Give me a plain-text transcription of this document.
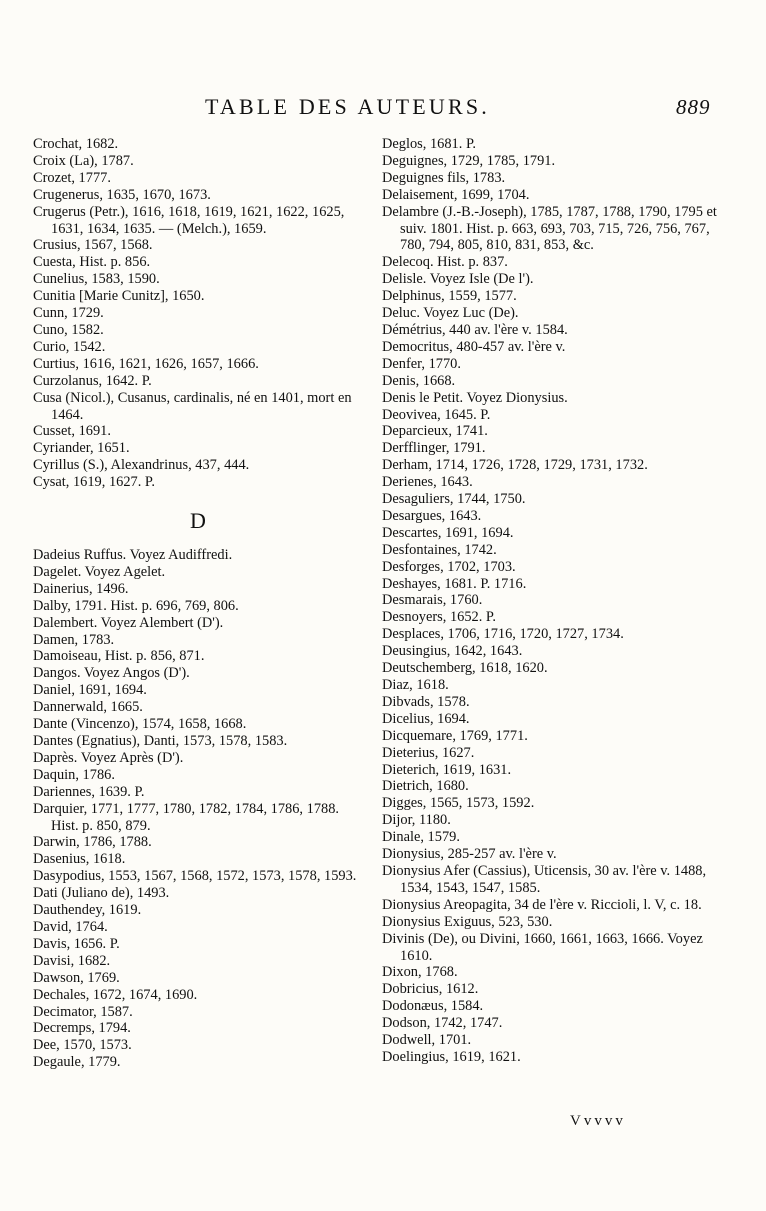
TABLE DES AUTEURS.	889
Crochat, 1682.
Croix (La), 1787.
Crozet, 1777.
Crugenerus, 1635, 1670, 1673.
Crugerus (Petr.), 1616, 1618, 1619, 1621, 1622, 1625, 1631, 1634, 1635. — (Melch.), 1659.
Crusius, 1567, 1568.
Cuesta, Hist. p. 856.
Cunelius, 1583, 1590.
Cunitia [Marie Cunitz], 1650.
Cunn, 1729.
Cuno, 1582.
Curio, 1542.
Curtius, 1616, 1621, 1626, 1657, 1666.
Curzolanus, 1642. P.
Cusa (Nicol.), Cusanus, cardinalis, né en 1401, mort en 1464.
Cusset, 1691.
Cyriander, 1651.
Cyrillus (S.), Alexandrinus, 437, 444.
Cysat, 1619, 1627. P.
D
Dadeius Ruffus. Voyez Audiffredi.
Dagelet. Voyez Agelet.
Dainerius, 1496.
Dalby, 1791. Hist. p. 696, 769, 806.
Dalembert. Voyez Alembert (D').
Damen, 1783.
Damoiseau, Hist. p. 856, 871.
Dangos. Voyez Angos (D').
Daniel, 1691, 1694.
Dannerwald, 1665.
Dante (Vincenzo), 1574, 1658, 1668.
Dantes (Egnatius), Danti, 1573, 1578, 1583.
Daprès. Voyez Après (D').
Daquin, 1786.
Dariennes, 1639. P.
Darquier, 1771, 1777, 1780, 1782, 1784, 1786, 1788. Hist. p. 850, 879.
Darwin, 1786, 1788.
Dasenius, 1618.
Dasypodius, 1553, 1567, 1568, 1572, 1573, 1578, 1593.
Dati (Juliano de), 1493.
Dauthendey, 1619.
David, 1764.
Davis, 1656. P.
Davisi, 1682.
Dawson, 1769.
Dechales, 1672, 1674, 1690.
Decimator, 1587.
Decremps, 1794.
Dee, 1570, 1573.
Degaule, 1779.
Deglos, 1681. P.
Deguignes, 1729, 1785, 1791.
Deguignes fils, 1783.
Delaisement, 1699, 1704.
Delambre (J.-B.-Joseph), 1785, 1787, 1788, 1790, 1795 et suiv. 1801. Hist. p. 663, 693, 703, 715, 726, 756, 767, 780, 794, 805, 810, 831, 853, &c.
Delecoq. Hist. p. 837.
Delisle. Voyez Isle (De l').
Delphinus, 1559, 1577.
Deluc. Voyez Luc (De).
Démétrius, 440 av. l'ère v. 1584.
Democritus, 480-457 av. l'ère v.
Denfer, 1770.
Denis, 1668.
Denis le Petit. Voyez Dionysius.
Deovivea, 1645. P.
Deparcieux, 1741.
Derfflinger, 1791.
Derham, 1714, 1726, 1728, 1729, 1731, 1732.
Derienes, 1643.
Desaguliers, 1744, 1750.
Desargues, 1643.
Descartes, 1691, 1694.
Desfontaines, 1742.
Desforges, 1702, 1703.
Deshayes, 1681. P. 1716.
Desmarais, 1760.
Desnoyers, 1652. P.
Desplaces, 1706, 1716, 1720, 1727, 1734.
Deusingius, 1642, 1643.
Deutschemberg, 1618, 1620.
Diaz, 1618.
Dibvads, 1578.
Dicelius, 1694.
Dicquemare, 1769, 1771.
Dieterius, 1627.
Dieterich, 1619, 1631.
Dietrich, 1680.
Digges, 1565, 1573, 1592.
Dijor, 1180.
Dinale, 1579.
Dionysius, 285-257 av. l'ère v.
Dionysius Afer (Cassius), Uticensis, 30 av. l'ère v. 1488, 1534, 1543, 1547, 1585.
Dionysius Areopagita, 34 de l'ère v. Riccioli, l. V, c. 18.
Dionysius Exiguus, 523, 530.
Divinis (De), ou Divini, 1660, 1661, 1663, 1666. Voyez 1610.
Dixon, 1768.
Dobricius, 1612.
Dodonæus, 1584.
Dodson, 1742, 1747.
Dodwell, 1701.
Doelingius, 1619, 1621.
Vvvvv
